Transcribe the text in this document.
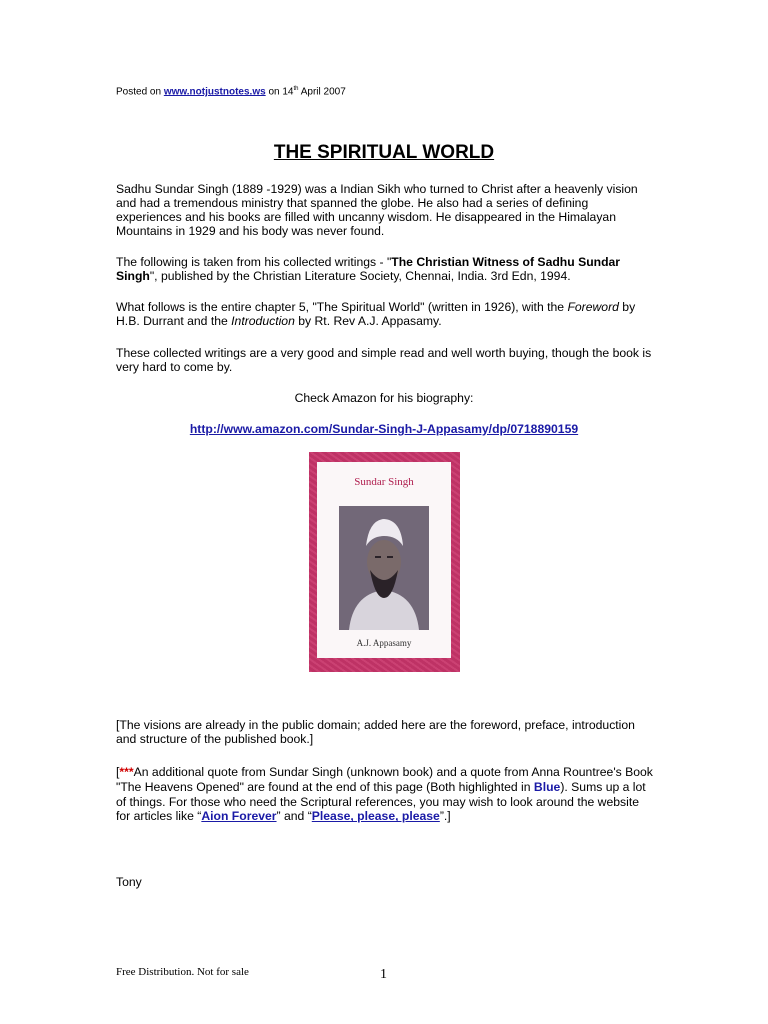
Posted on www.notjustnotes.ws on 14th April 2007
THE SPIRITUAL WORLD
Sadhu Sundar Singh (1889 -1929) was a Indian Sikh who turned to Christ after a heavenly vision and had a tremendous ministry that spanned the globe. He also had a series of defining experiences and his books are filled with uncanny wisdom. He disappeared in the Himalayan Mountains in 1929 and his body was never found.
The following is taken from his collected writings - "The Christian Witness of Sadhu Sundar Singh", published by the Christian Literature Society, Chennai, India. 3rd Edn, 1994.
What follows is the entire chapter 5, "The Spiritual World" (written in 1926), with the Foreword by H.B. Durrant and the Introduction by Rt. Rev A.J. Appasamy.
These collected writings are a very good and simple read and well worth buying, though the book is very hard to come by.
Check Amazon for his biography:
http://www.amazon.com/Sundar-Singh-J-Appasamy/dp/0718890159
Sundar Singh
A.J. Appasamy
[The visions are already in the public domain; added here are the foreword, preface, introduction and structure of the published book.]
[***An additional quote from Sundar Singh (unknown book) and a quote from Anna Rountree's Book "The Heavens Opened" are found at the end of this page (Both highlighted in Blue). Sums up a lot of things. For those who need the Scriptural references, you may wish to look around the website for articles like “Aion Forever” and “Please, please, please”.]
Tony
Free Distribution. Not for sale	1
